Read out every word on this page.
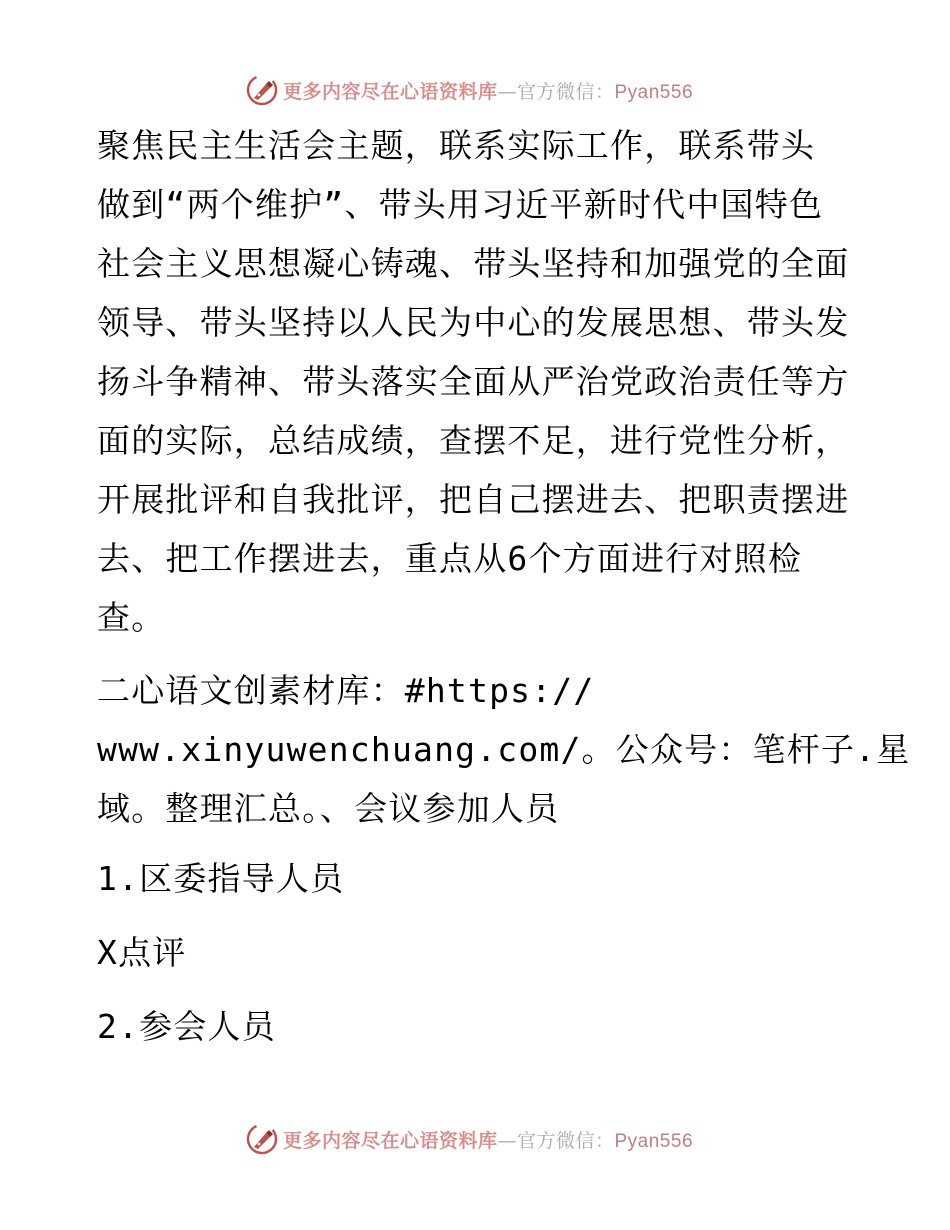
更多内容尽在心语资料库—官方微信：Pyan556

聚焦民主生活会主题，联系实际工作，联系带头

做到“两个维护”、带头用习近平新时代中国特色

社会主义思想凝心铸魂、带头坚持和加强党的全面

领导、带头坚持以人民为中心的发展思想、带头发

扬斗争精神、带头落实全面从严治党政治责任等方

面的实际，总结成绩，查摆不足，进行党性分析，

开展批评和自我批评，把自己摆进去、把职责摆进

去、把工作摆进去，重点从6个方面进行对照检

查。

二心语文创素材库：#https://

www.xinyuwenchuang.com/。公众号：笔杆子.星

域。整理汇总。、会议参加人员

1.区委指导人员

X点评

2.参会人员

更多内容尽在心语资料库—官方微信：Pyan556
